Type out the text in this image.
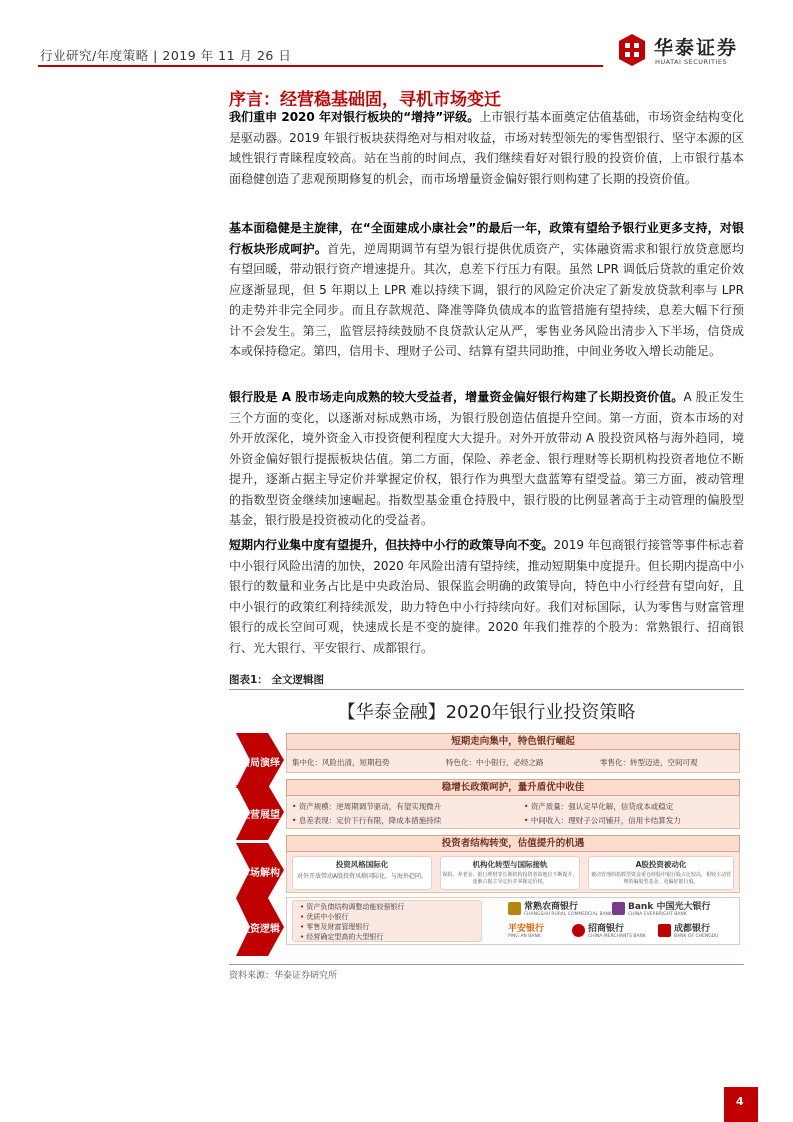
行业研究/年度策略 | 2019 年 11 月 26 日	华泰证券
HUATAI SECURITIES
序言：经营稳基础固，寻机市场变迁
我们重申 2020 年对银行板块的“增持”评级。上市银行基本面奠定估值基础，市场资金结构变化是驱动器。2019 年银行板块获得绝对与相对收益，市场对转型领先的零售型银行、坚守本源的区域性银行青睐程度较高。站在当前的时间点，我们继续看好对银行股的投资价值，上市银行基本面稳健创造了悲观预期修复的机会，而市场增量资金偏好银行则构建了长期的投资价值。
基本面稳健是主旋律，在“全面建成小康社会”的最后一年，政策有望给予银行业更多支持，对银行板块形成呵护。首先，逆周期调节有望为银行提供优质资产，实体融资需求和银行放贷意愿均有望回暖，带动银行资产增速提升。其次，息差下行压力有限。虽然 LPR 调低后贷款的重定价效应逐渐显现，但 5 年期以上 LPR 难以持续下调，银行的风险定价决定了新发放贷款利率与 LPR 的走势并非完全同步。而且存款规范、降准等降负债成本的监管措施有望持续，息差大幅下行预计不会发生。第三，监管层持续鼓励不良贷款认定从严，零售业务风险出清步入下半场，信贷成本或保持稳定。第四，信用卡、理财子公司、结算有望共同助推，中间业务收入增长动能足。
银行股是 A 股市场走向成熟的较大受益者，增量资金偏好银行构建了长期投资价值。A 股正发生三个方面的变化，以逐渐对标成熟市场，为银行股创造估值提升空间。第一方面，资本市场的对外开放深化，境外资金入市投资便利程度大大提升。对外开放带动 A 股投资风格与海外趋同，境外资金偏好银行提振板块估值。第二方面，保险、养老金、银行理财等长期机构投资者地位不断提升，逐渐占据主导定价并掌握定价权，银行作为典型大盘蓝筹有望受益。第三方面，被动管理的指数型资金继续加速崛起。指数型基金重仓持股中，银行股的比例显著高于主动管理的偏股型基金，银行股是投资被动化的受益者。
短期内行业集中度有望提升，但扶持中小行的政策导向不变。2019 年包商银行接管等事件标志着中小银行风险出清的加快，2020 年风险出清有望持续，推动短期集中度提升。但长期内提高中小银行的数量和业务占比是中央政治局、银保监会明确的政策导向，特色中小行经营有望向好，且中小银行的政策红利持续派发，助力特色中小行持续向好。我们对标国际，认为零售与财富管理银行的成长空间可观，快速成长是不变的旋律。2020 年我们推荐的个股为：常熟银行、招商银行、光大银行、平安银行、成都银行。
图表1： 全文逻辑图
【华泰金融】2020年银行业投资策略
格局演绎
短期走向集中，特色银行崛起
集中化：风险出清，短期趋势	特色化：中小银行，必经之路	零售化：转型迈进，空间可观
经营展望
稳增长政策呵护，量升盾优中收佳
• 资产规模：逆周期调节驱动，有望实现微升	• 资产质量：强认定早化解，信贷成本或稳定
• 息差表现：定价下行有限，降成本措施持续	• 中间收入：理财子公司铺开，信用卡结算发力
市场解构
投资者结构转变，估值提升的机遇
投资风格国际化
对外开放带动A股投资风格国际化，与海外趋同。
机构化转型与国际接轨
保险、养老金、银行理财等长期机构投资者的地位不断提升，逐渐占据主导定价并掌握定价权。
A股投资被动化
被动管理的指数型资金重仓持股中银行股占比较高，相较主动管理的偏股型基金，更偏好银行股。
投资逻辑
• 资产负债结构调整动能较强银行
• 优质中小银行
• 零售及财富管理银行
• 经营确定型高的大型银行
常熟农商银行
CHANGSHU RURAL COMMERCIAL BANK
Bank 中国光大银行
CHINA EVERBRIGHT BANK
平安银行
PING AN BANK
招商银行
CHINA MERCHANTS BANK
成都银行
BANK OF CHENGDU
资料来源：华泰证券研究所
4
